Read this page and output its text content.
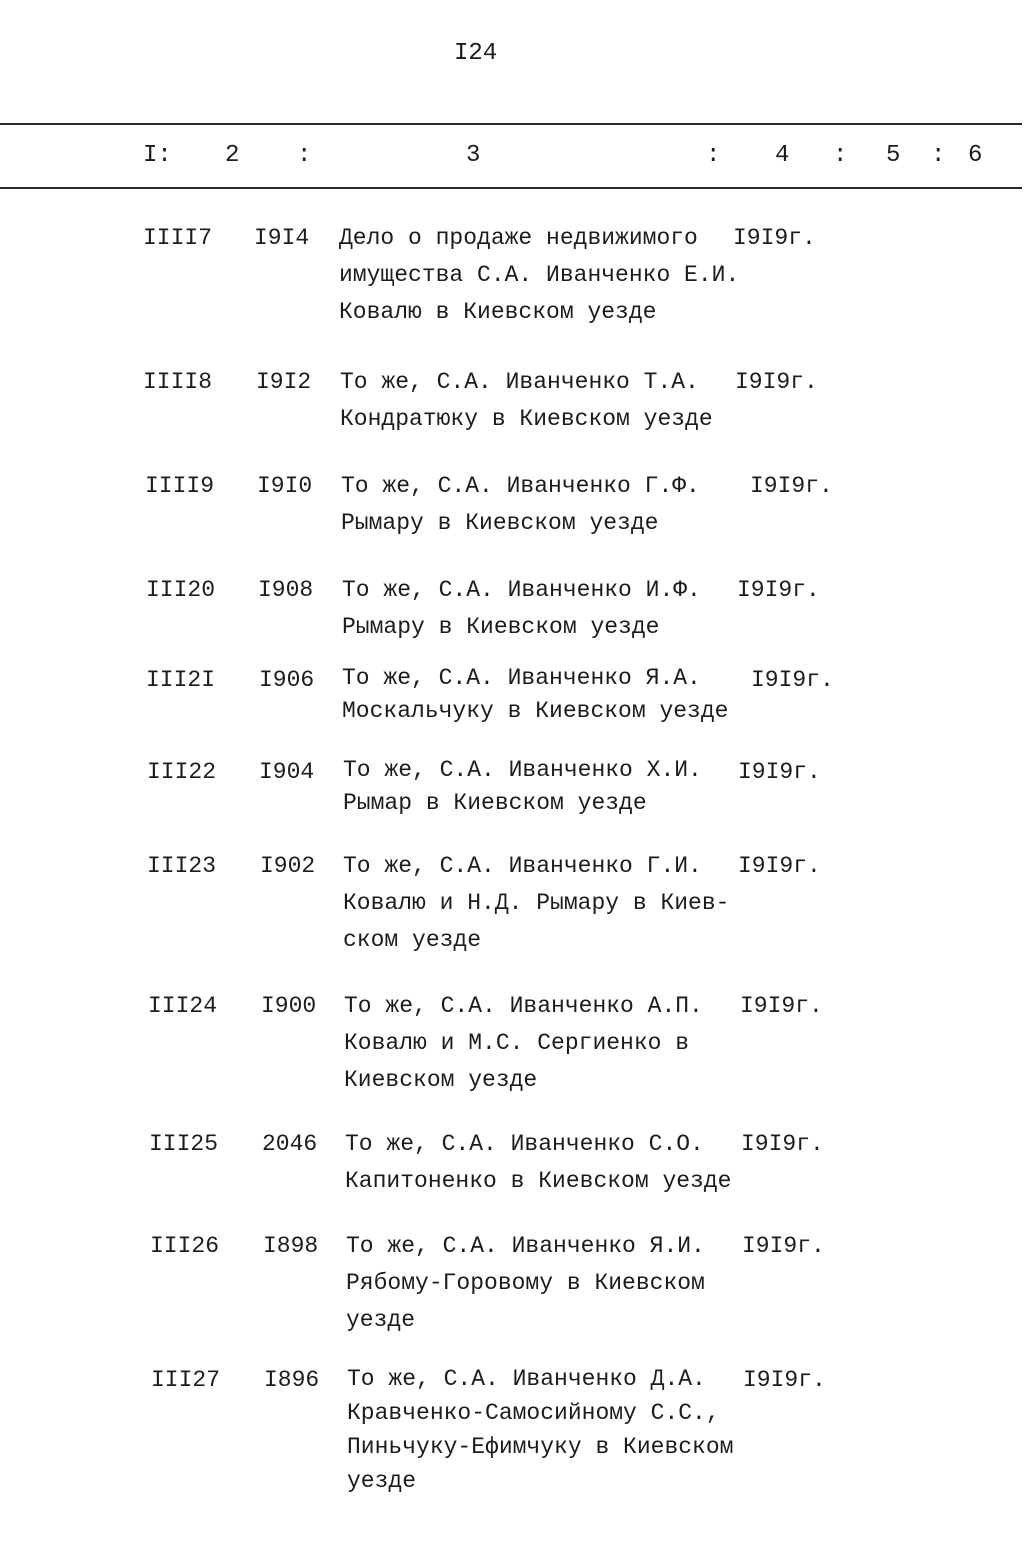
I24
I: 2 :	3	: 4 : 5 : 6
IIII7 I9I4 Дело о продаже недвижимого
имущества С.А. Иванченко Е.И.
Ковалю в Киевском уезде
I9I9г.
IIII8 I9I2 То же, С.А. Иванченко Т.А.
Кондратюку в Киевском уезде
I9I9г.
IIII9 I9I0 То же, С.А. Иванченко Г.Ф.
Рымару в Киевском уезде
I9I9г.
III20 I908 То же, С.А. Иванченко И.Ф.
Рымару в Киевском уезде
I9I9г.
III2I I906 То же, С.А. Иванченко Я.А.
Москальчуку в Киевском уезде
I9I9г.
III22 I904 То же, С.А. Иванченко Х.И.
Рымар в Киевском уезде
I9I9г.
III23 I902 То же, С.А. Иванченко Г.И.
Ковалю и Н.Д. Рымару в Киев-
ском уезде
I9I9г.
III24 I900 То же, С.А. Иванченко А.П.
Ковалю и М.С. Сергиенко в
Киевском уезде
I9I9г.
III25 2046 То же, С.А. Иванченко С.О.
Капитоненко в Киевском уезде
I9I9г.
III26 I898 То же, С.А. Иванченко Я.И.
Рябому-Горовому в Киевском
уезде
I9I9г.
III27 I896 То же, С.А. Иванченко Д.А.
Кравченко-Самосийному С.С.,
Пиньчуку-Ефимчуку в Киевском
уезде
I9I9г.
